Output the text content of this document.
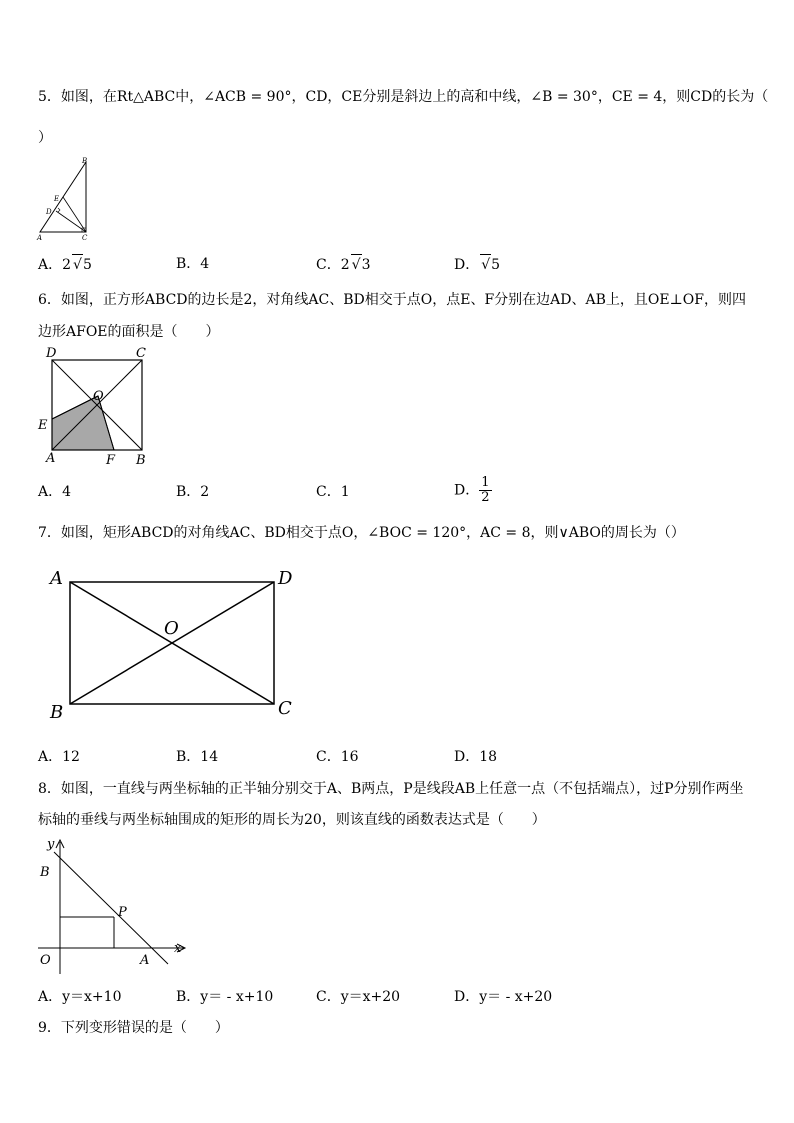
5．如图，在Rt△ABC中，∠ACB = 90°，CD，CE分别是斜边上的高和中线，∠B = 30°，CE = 4，则CD的长为（
）
B
E
D
A	C
A．2 √5	B．4	C．2 √3	D． √5
6．如图，正方形ABCD的边长是2，对角线AC、BD相交于点O，点E、F分别在边AD、AB上，且OE⊥OF，则四
边形AFOE的面积是（　　）
D	C
O
E
A	F B
A．4	B．2	C．1	D． $\frac{1}{2}$
7．如图，矩形ABCD的对角线AC、BD相交于点O，∠BOC = 120°，AC = 8，则∨ABO的周长为（）
A	D
O
B	C
A．12	B．14	C．16	D．18
8．如图，一直线与两坐标轴的正半轴分别交于A、B两点，P是线段AB上任意一点（不包括端点），过P分别作两坐
标轴的垂线与两坐标轴围成的矩形的周长为20，则该直线的函数表达式是（　　）
y
B
P
x
O	A
A．y＝x+10	B．y＝ - x+10	C．y＝x+20	D．y＝ - x+20
9．下列变形错误的是（　　）
